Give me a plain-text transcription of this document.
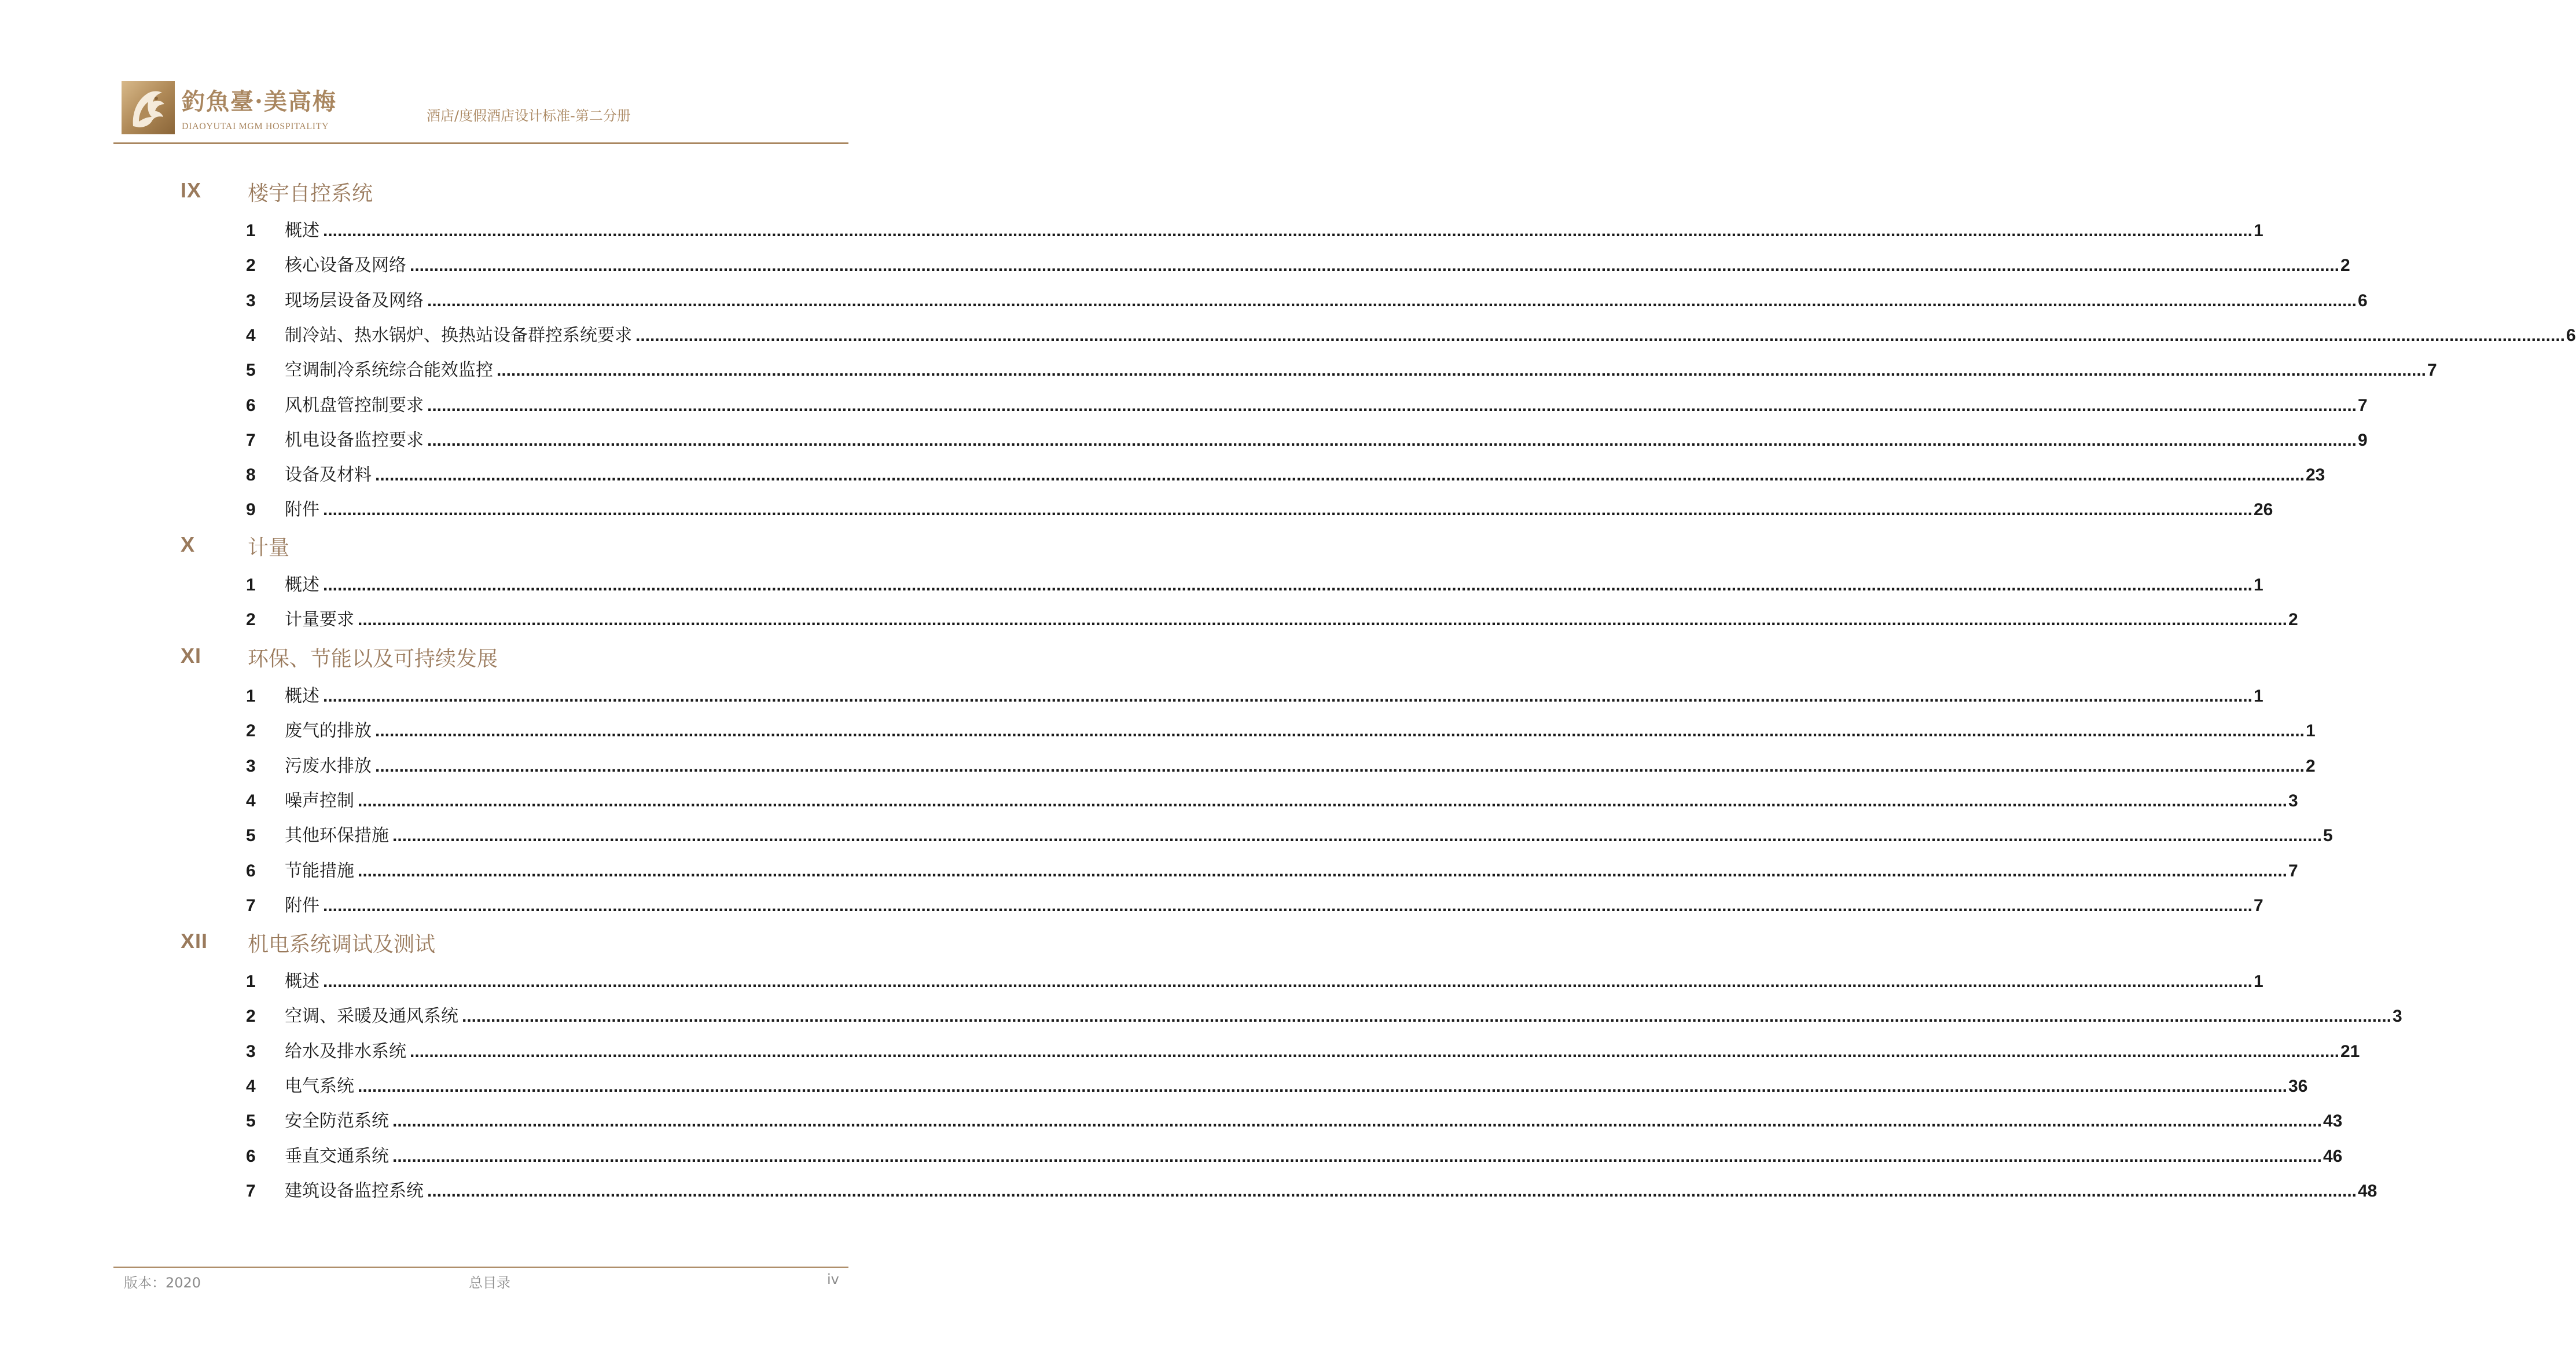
釣魚臺·美高梅
DIAOYUTAI MGM HOSPITALITY
酒店/度假酒店设计标准-第二分册
IX 楼宇自控系统
1	概述 ................................................................................................................................................................................................................................................................................................................................................................................................................ 1
2	核心设备及网络 ................................................................................................................................................................................................................................................................................................................................................................................................................ 2
3	现场层设备及网络 ................................................................................................................................................................................................................................................................................................................................................................................................................ 6
4	制冷站、热水锅炉、换热站设备群控系统要求 ................................................................................................................................................................................................................................................................................................................................................................................................................ 6
5	空调制冷系统综合能效监控 ................................................................................................................................................................................................................................................................................................................................................................................................................ 7
6	风机盘管控制要求 ................................................................................................................................................................................................................................................................................................................................................................................................................ 7
7	机电设备监控要求 ................................................................................................................................................................................................................................................................................................................................................................................................................ 9
8	设备及材料 ................................................................................................................................................................................................................................................................................................................................................................................................................ 23
9	附件 ................................................................................................................................................................................................................................................................................................................................................................................................................ 26
X	计量
1	概述 ................................................................................................................................................................................................................................................................................................................................................................................................................ 1
2	计量要求 ................................................................................................................................................................................................................................................................................................................................................................................................................ 2
XI 环保、节能以及可持续发展
1	概述 ................................................................................................................................................................................................................................................................................................................................................................................................................ 1
2	废气的排放 ................................................................................................................................................................................................................................................................................................................................................................................................................ 1
3	污废水排放 ................................................................................................................................................................................................................................................................................................................................................................................................................ 2
4	噪声控制 ................................................................................................................................................................................................................................................................................................................................................................................................................ 3
5	其他环保措施 ................................................................................................................................................................................................................................................................................................................................................................................................................ 5
6	节能措施 ................................................................................................................................................................................................................................................................................................................................................................................................................ 7
7	附件 ................................................................................................................................................................................................................................................................................................................................................................................................................ 7
XII 机电系统调试及测试
1	概述 ................................................................................................................................................................................................................................................................................................................................................................................................................ 1
2	空调、采暖及通风系统 ................................................................................................................................................................................................................................................................................................................................................................................................................ 3
3	给水及排水系统 ................................................................................................................................................................................................................................................................................................................................................................................................................ 21
4	电气系统 ................................................................................................................................................................................................................................................................................................................................................................................................................ 36
5	安全防范系统 ................................................................................................................................................................................................................................................................................................................................................................................................................ 43
6	垂直交通系统 ................................................................................................................................................................................................................................................................................................................................................................................................................ 46
7	建筑设备监控系统 ................................................................................................................................................................................................................................................................................................................................................................................................................ 48
版本：2020	总目录	iv
